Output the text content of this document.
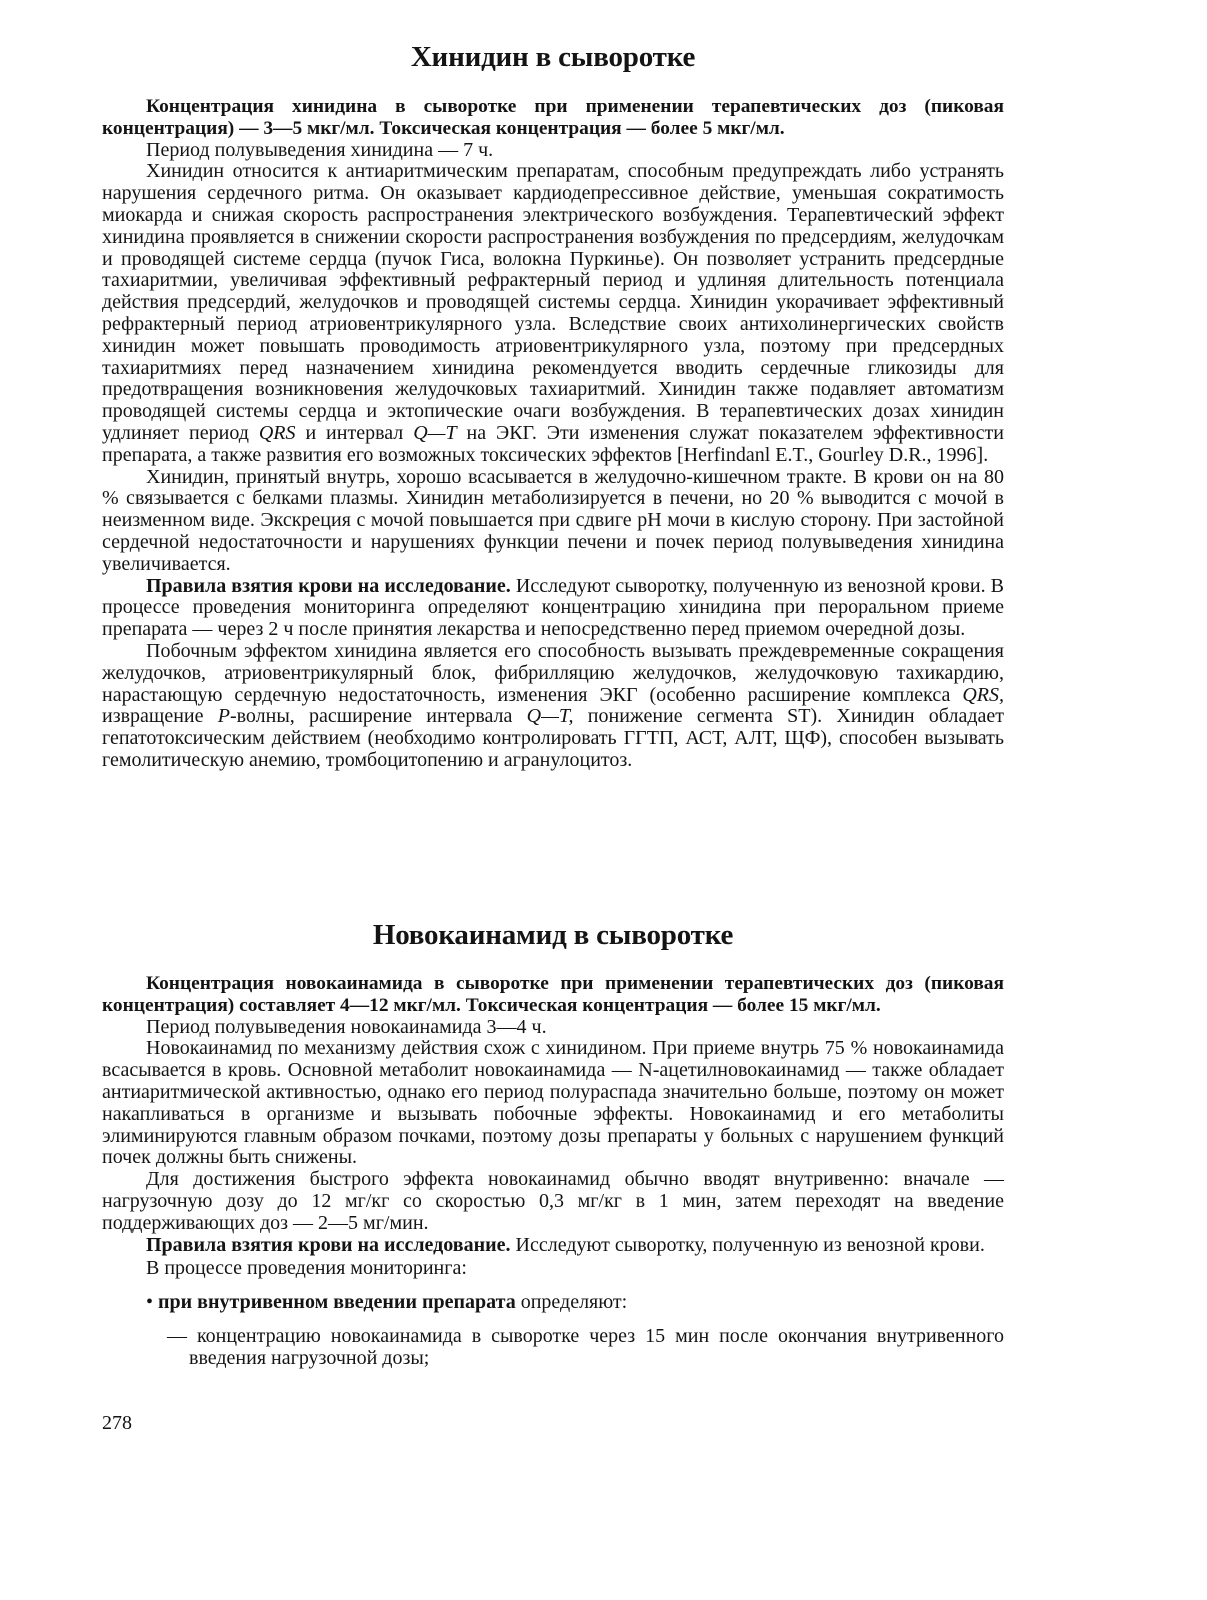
Хинидин в сыворотке

Концентрация хинидина в сыворотке при применении терапевтических доз (пиковая концентрация) — 3—5 мкг/мл. Токсическая концентрация — более 5 мкг/мл.

Период полувыведения хинидина — 7 ч.

Хинидин относится к антиаритмическим препаратам, способным предупреждать либо устранять нарушения сердечного ритма. Он оказывает кардиодепрессивное действие, уменьшая сократимость миокарда и снижая скорость распространения электрического возбуждения. Терапевтический эффект хинидина проявляется в снижении скорости распространения возбуждения по предсердиям, желудочкам и проводящей системе сердца (пучок Гиса, волокна Пуркинье). Он позволяет устранить предсердные тахиаритмии, увеличивая эффективный рефрактерный период и удлиняя длительность потенциала действия предсердий, желудочков и проводящей системы сердца. Хинидин укорачивает эффективный рефрактерный период атриовентрикулярного узла. Вследствие своих антихолинергических свойств хинидин может повышать проводимость атриовентрикулярного узла, поэтому при предсердных тахиаритмиях перед назначением хинидина рекомендуется вводить сердечные гликозиды для предотвращения возникновения желудочковых тахиаритмий. Хинидин также подавляет автоматизм проводящей системы сердца и эктопические очаги возбуждения. В терапевтических дозах хинидин удлиняет период QRS и интервал Q—T на ЭКГ. Эти изменения служат показателем эффективности препарата, а также развития его возможных токсических эффектов [Herfindanl E.T., Gourley D.R., 1996].

Хинидин, принятый внутрь, хорошо всасывается в желудочно-кишечном тракте. В крови он на 80 % связывается с белками плазмы. Хинидин метаболизируется в печени, но 20 % выводится с мочой в неизменном виде. Экскреция с мочой повышается при сдвиге рН мочи в кислую сторону. При застойной сердечной недостаточности и нарушениях функции печени и почек период полувыведения хинидина увеличивается.

Правила взятия крови на исследование. Исследуют сыворотку, полученную из венозной крови. В процессе проведения мониторинга определяют концентрацию хинидина при пероральном приеме препарата — через 2 ч после принятия лекарства и непосредственно перед приемом очередной дозы.

Побочным эффектом хинидина является его способность вызывать преждевременные сокращения желудочков, атриовентрикулярный блок, фибрилляцию желудочков, желудочковую тахикардию, нарастающую сердечную недостаточность, изменения ЭКГ (особенно расширение комплекса QRS, извращение Р-волны, расширение интервала Q—T, понижение сегмента ST). Хинидин обладает гепатотоксическим действием (необходимо контролировать ГГТП, АСТ, АЛТ, ЩФ), способен вызывать гемолитическую анемию, тромбоцитопению и агранулоцитоз.

Новокаинамид в сыворотке

Концентрация новокаинамида в сыворотке при применении терапевтических доз (пиковая концентрация) составляет 4—12 мкг/мл. Токсическая концентрация — более 15 мкг/мл.

Период полувыведения новокаинамида 3—4 ч.

Новокаинамид по механизму действия схож с хинидином. При приеме внутрь 75 % новокаинамида всасывается в кровь. Основной метаболит новокаинамида — N-ацетилновокаинамид — также обладает антиаритмической активностью, однако его период полураспада значительно больше, поэтому он может накапливаться в организме и вызывать побочные эффекты. Новокаинамид и его метаболиты элиминируются главным образом почками, поэтому дозы препараты у больных с нарушением функций почек должны быть снижены.

Для достижения быстрого эффекта новокаинамид обычно вводят внутривенно: вначале — нагрузочную дозу до 12 мг/кг со скоростью 0,3 мг/кг в 1 мин, затем переходят на введение поддерживающих доз — 2—5 мг/мин.

Правила взятия крови на исследование. Исследуют сыворотку, полученную из венозной крови.

В процессе проведения мониторинга:

• при внутривенном введении препарата определяют:

— концентрацию новокаинамида в сыворотке через 15 мин после окончания внутривенного введения нагрузочной дозы;

278
